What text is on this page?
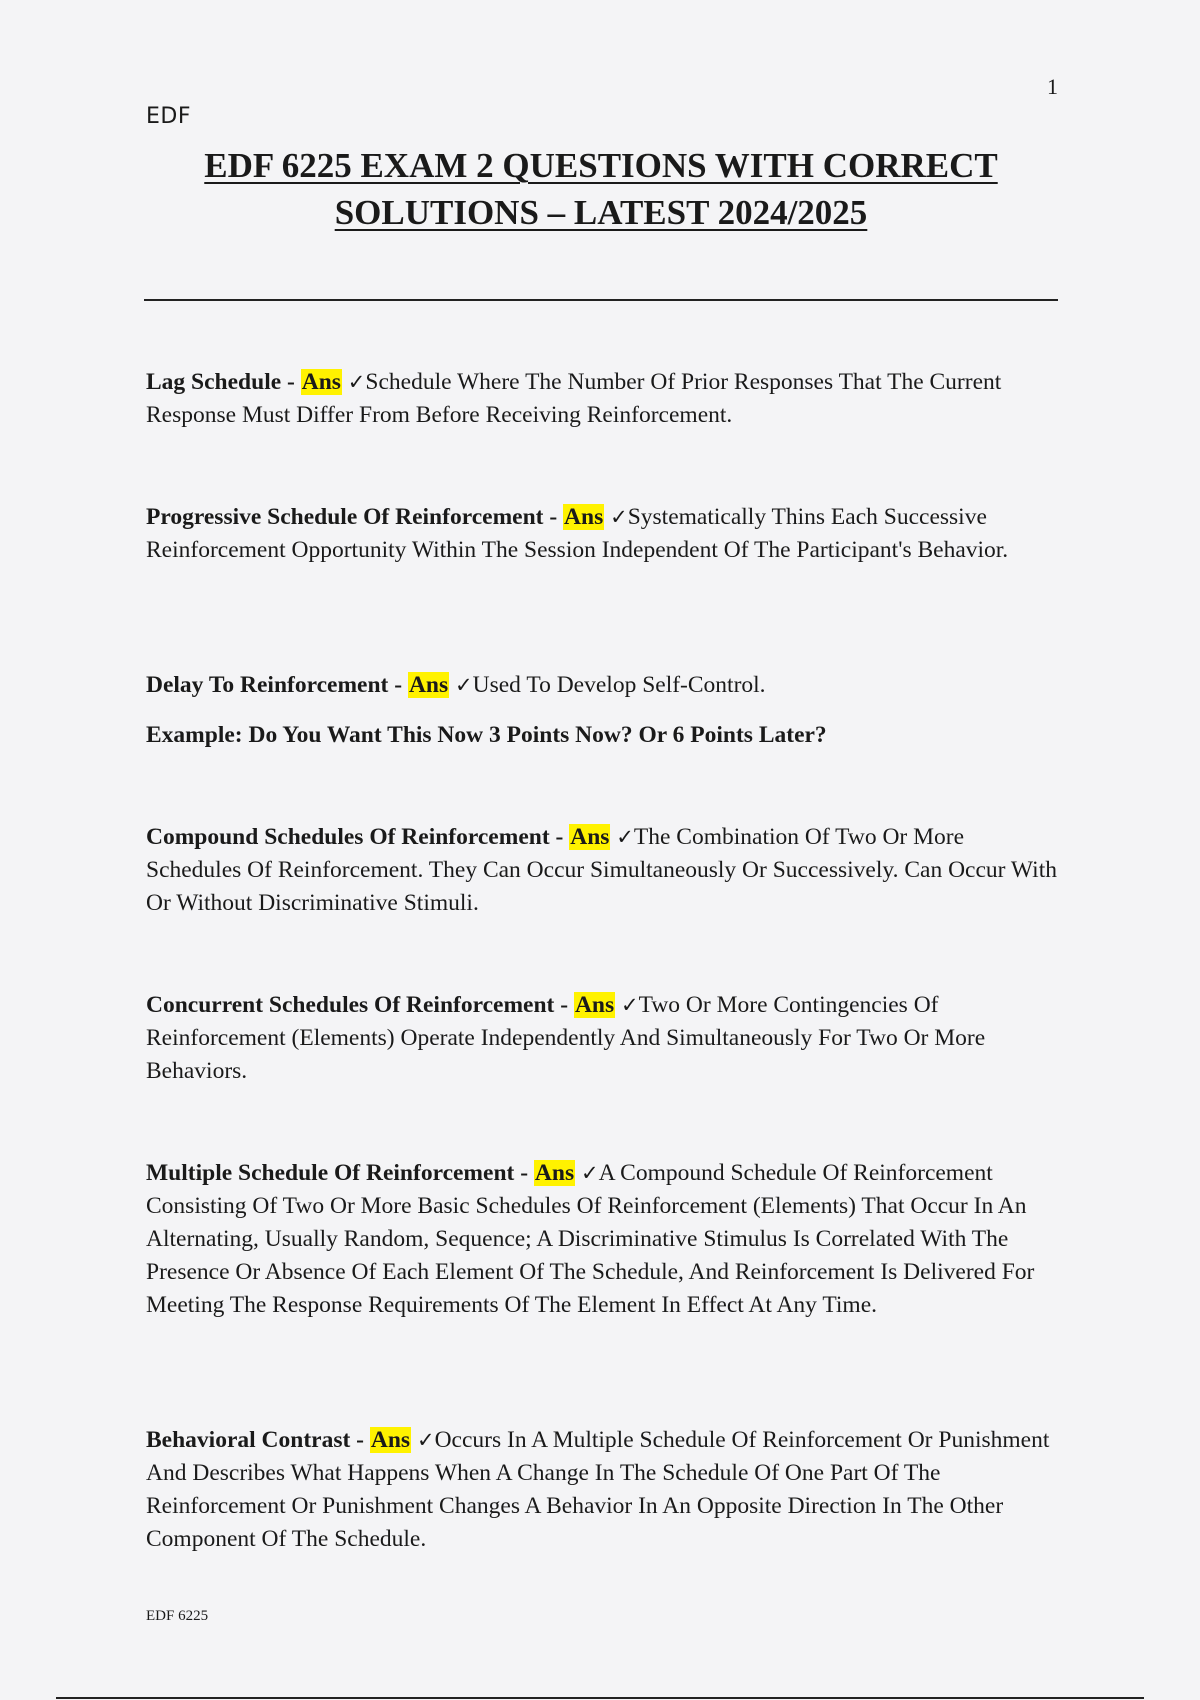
1
EDF
EDF 6225 EXAM 2 QUESTIONS WITH CORRECT
SOLUTIONS – LATEST 2024/2025
Lag Schedule - Ans ✓Schedule Where The Number Of Prior Responses That The Current Response Must Differ From Before Receiving Reinforcement.
Progressive Schedule Of Reinforcement - Ans ✓Systematically Thins Each Successive Reinforcement Opportunity Within The Session Independent Of The Participant's Behavior.
Delay To Reinforcement - Ans ✓Used To Develop Self-Control.
Example: Do You Want This Now 3 Points Now? Or 6 Points Later?
Compound Schedules Of Reinforcement - Ans ✓The Combination Of Two Or More Schedules Of Reinforcement. They Can Occur Simultaneously Or Successively. Can Occur With Or Without Discriminative Stimuli.
Concurrent Schedules Of Reinforcement - Ans ✓Two Or More Contingencies Of Reinforcement (Elements) Operate Independently And Simultaneously For Two Or More Behaviors.
Multiple Schedule Of Reinforcement - Ans ✓A Compound Schedule Of Reinforcement Consisting Of Two Or More Basic Schedules Of Reinforcement (Elements) That Occur In An Alternating, Usually Random, Sequence; A Discriminative Stimulus Is Correlated With The Presence Or Absence Of Each Element Of The Schedule, And Reinforcement Is Delivered For Meeting The Response Requirements Of The Element In Effect At Any Time.
Behavioral Contrast - Ans ✓Occurs In A Multiple Schedule Of Reinforcement Or Punishment And Describes What Happens When A Change In The Schedule Of One Part Of The Reinforcement Or Punishment Changes A Behavior In An Opposite Direction In The Other Component Of The Schedule.
EDF 6225
